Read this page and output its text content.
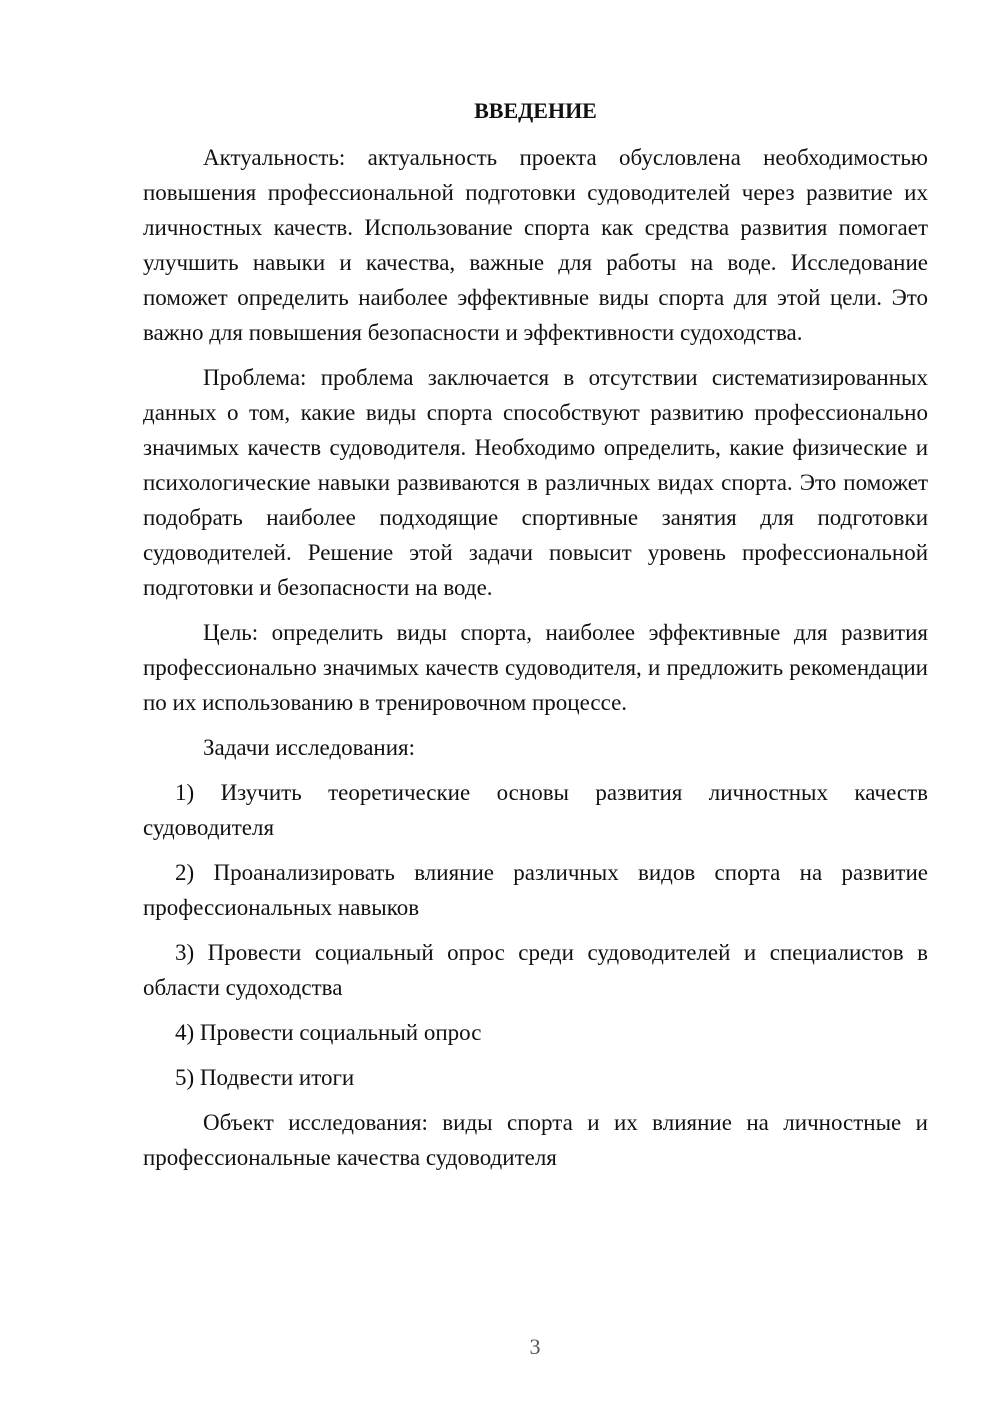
ВВЕДЕНИЕ

Актуальность: актуальность проекта обусловлена необходимостью повышения профессиональной подготовки судоводителей через развитие их личностных качеств. Использование спорта как средства развития помогает улучшить навыки и качества, важные для работы на воде. Исследование поможет определить наиболее эффективные виды спорта для этой цели. Это важно для повышения безопасности и эффективности судоходства.

Проблема: проблема заключается в отсутствии систематизированных данных о том, какие виды спорта способствуют развитию профессионально значимых качеств судоводителя. Необходимо определить, какие физические и психологические навыки развиваются в различных видах спорта. Это поможет подобрать наиболее подходящие спортивные занятия для подготовки судоводителей. Решение этой задачи повысит уровень профессиональной подготовки и безопасности на воде.

Цель: определить виды спорта, наиболее эффективные для развития профессионально значимых качеств судоводителя, и предложить рекомендации по их использованию в тренировочном процессе.

Задачи исследования:

1) Изучить теоретические основы развития личностных качеств судоводителя

2) Проанализировать влияние различных видов спорта на развитие профессиональных навыков

3) Провести социальный опрос среди судоводителей и специалистов в области судоходства

4) Провести социальный опрос

5) Подвести итоги

Объект исследования: виды спорта и их влияние на личностные и профессиональные качества судоводителя

3
